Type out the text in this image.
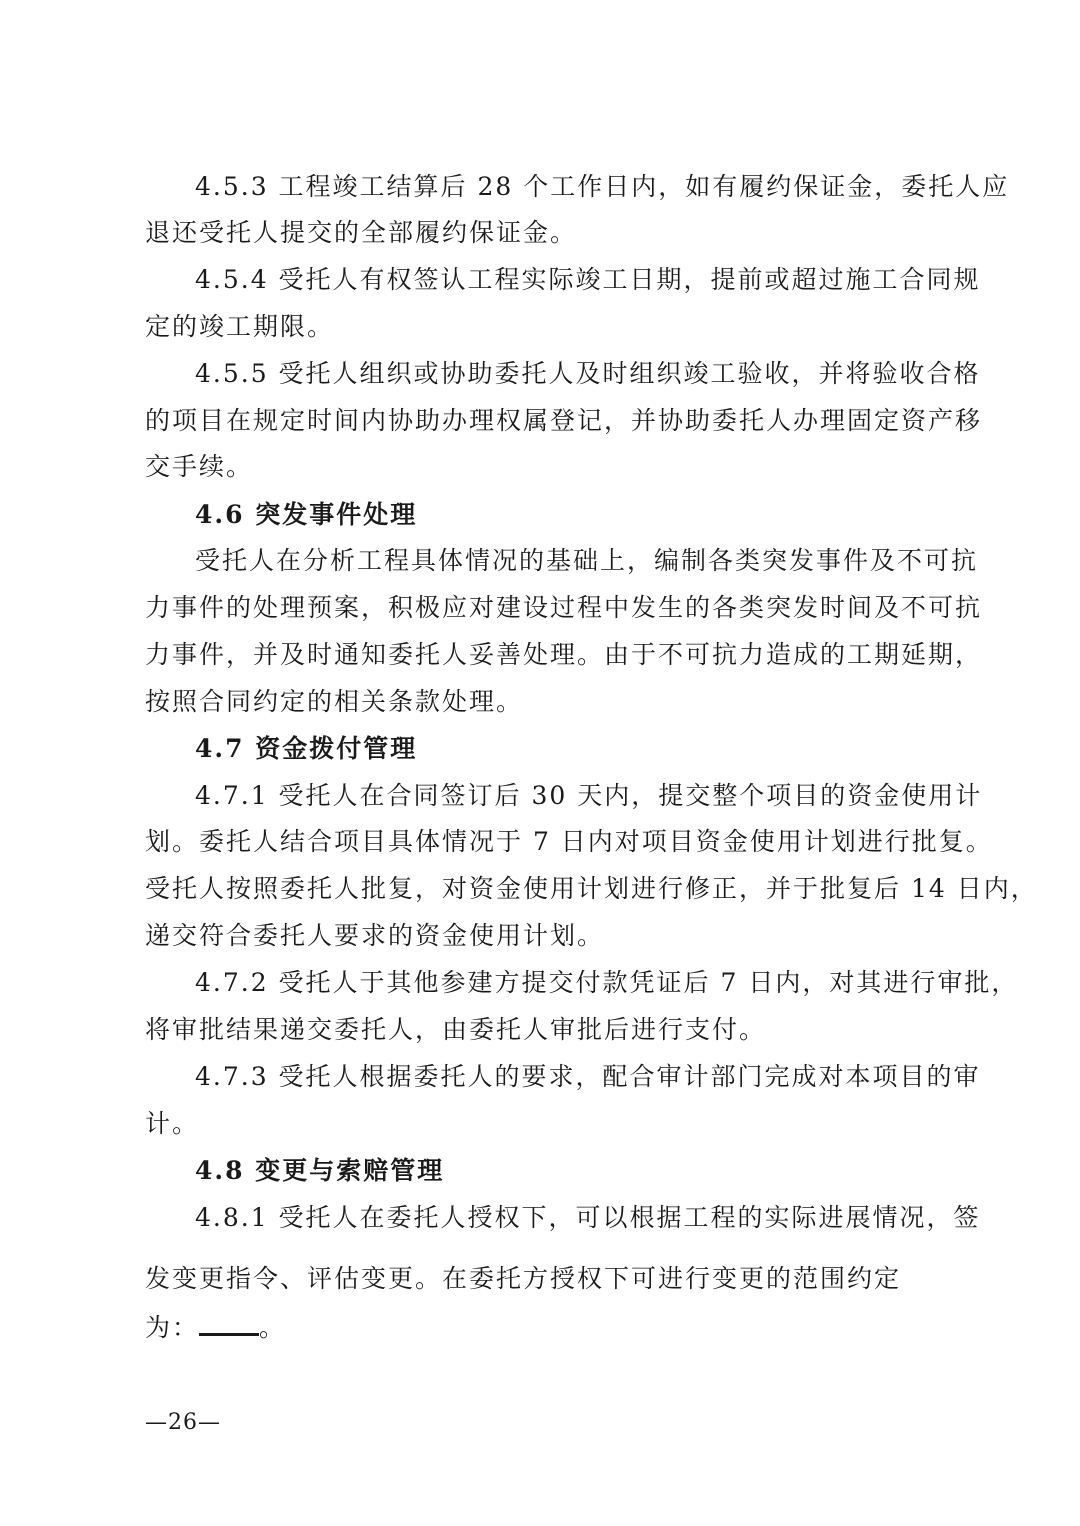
4.5.3 工程竣工结算后 28 个工作日内，如有履约保证金，委托人应
退还受托人提交的全部履约保证金。
4.5.4 受托人有权签认工程实际竣工日期，提前或超过施工合同规
定的竣工期限。
4.5.5 受托人组织或协助委托人及时组织竣工验收，并将验收合格
的项目在规定时间内协助办理权属登记，并协助委托人办理固定资产移
交手续。
4.6 突发事件处理
受托人在分析工程具体情况的基础上，编制各类突发事件及不可抗
力事件的处理预案，积极应对建设过程中发生的各类突发时间及不可抗
力事件，并及时通知委托人妥善处理。由于不可抗力造成的工期延期，
按照合同约定的相关条款处理。
4.7 资金拨付管理
4.7.1 受托人在合同签订后 30 天内，提交整个项目的资金使用计
划。委托人结合项目具体情况于 7 日内对项目资金使用计划进行批复。
受托人按照委托人批复，对资金使用计划进行修正，并于批复后 14 日内，
递交符合委托人要求的资金使用计划。
4.7.2 受托人于其他参建方提交付款凭证后 7 日内，对其进行审批，
将审批结果递交委托人，由委托人审批后进行支付。
4.7.3 受托人根据委托人的要求，配合审计部门完成对本项目的审
计。
4.8 变更与索赔管理
4.8.1 受托人在委托人授权下，可以根据工程的实际进展情况，签
发变更指令、评估变更。在委托方授权下可进行变更的范围约定
为： 。
—26—
